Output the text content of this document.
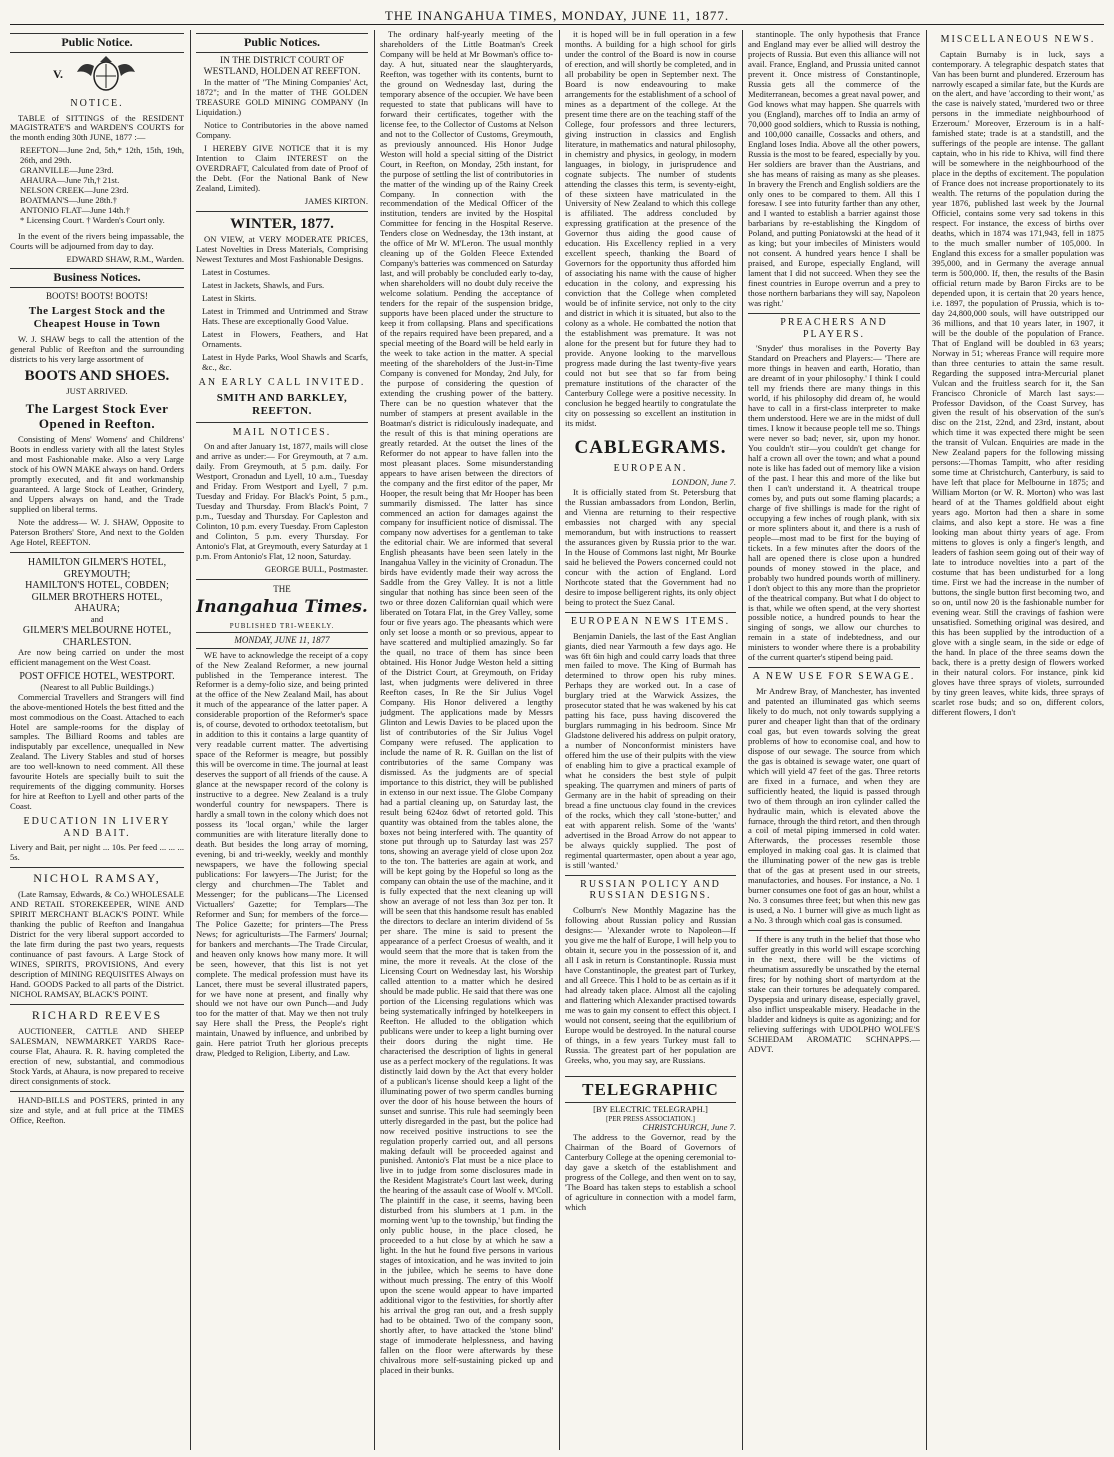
THE INANGAHUA TIMES, MONDAY, JUNE 11, 1877.
Public Notice.
V.
NOTICE.

TABLE of SITTINGS of the RESIDENT MAGISTRATE'S and WARDEN'S COURTS for the month ending 30th JUNE, 1877 :—

REEFTON—June 2nd, 5th,* 12th, 15th, 19th, 26th, and 29th.
GRANVILLE—June 23rd.
AHAURA—June 7th,† 21st.
NELSON CREEK—June 23rd.
BOATMAN'S—June 28th.†
ANTONIO FLAT—June 14th.†
* Licensing Court. † Warden's Court only.

In the event of the rivers being impassable, the Courts will be adjourned from day to day.

EDWARD SHAW, R.M., Warden.
Business Notices.
BOOTS! BOOTS! BOOTS!
The Largest Stock and the Cheapest House in Town

W. J. SHAW begs to call the attention of the general Public of Reefton and the surrounding districts to his very large assortment of

BOOTS AND SHOES.
JUST ARRIVED.
The Largest Stock Ever Opened in Reefton.

Consisting of Mens' Womens' and Childrens' Boots in endless variety with all the latest Styles and most Fashionable make. Also a very Large stock of his OWN MAKE always on hand. Orders promptly executed, and fit and workmanship guaranteed. A large Stock of Leather, Grindery, and Uppers always on hand, and the Trade supplied on liberal terms.

Note the address— W. J. SHAW, Opposite to Paterson Brothers' Store, And next to the Golden Age Hotel, REEFTON.

HAMILTON GILMER'S HOTEL, GREYMOUTH;
HAMILTON'S HOTEL, COBDEN;
GILMER BROTHERS HOTEL, AHAURA;
and
GILMER'S MELBOURNE HOTEL, CHARLESTON.

Are now being carried on under the most efficient management on the West Coast.

POST OFFICE HOTEL, WESTPORT.
(Nearest to all Public Buildings.)

Commercial Travellers and Strangers will find the above-mentioned Hotels the best fitted and the most commodious on the Coast. Attached to each Hotel are sample-rooms for the display of samples. The Billiard Rooms and tables are indisputably par excellence, unequalled in New Zealand. The Livery Stables and stud of horses are too well-known to need comment. All these favourite Hotels are specially built to suit the requirements of the digging community. Horses for hire at Reefton to Lyell and other parts of the Coast.

EDUCATION IN LIVERY AND BAIT.
Livery and Bait, per night ... 10s. Per feed ... ... ... 5s.
NICHOL RAMSAY,

(Late Ramsay, Edwards, & Co.) WHOLESALE AND RETAIL STOREKEEPER, WINE AND SPIRIT MERCHANT BLACK'S POINT. While thanking the public of Reefton and Inangahua District for the very liberal support accorded to the late firm during the past two years, requests continuance of past favours. A Large Stock of WINES, SPIRITS, PROVISIONS, And every description of MINING REQUISITES Always on Hand. GOODS Packed to all parts of the District. NICHOL RAMSAY, BLACK'S POINT.

RICHARD REEVES

AUCTIONEER, CATTLE AND SHEEP SALESMAN, NEWMARKET YARDS Race-course Flat, Ahaura. R. R. having completed the erection of new, substantial, and commodious Stock Yards, at Ahaura, is now prepared to receive direct consignments of stock.

HAND-BILLS and POSTERS, printed in any size and style, and at full price at the TIMES Office, Reefton.

Public Notices.
IN THE DISTRICT COURT OF WESTLAND, HOLDEN AT REEFTON.

In the matter of "The Mining Companies' Act, 1872"; and In the matter of THE GOLDEN TREASURE GOLD MINING COMPANY (In Liquidation.)

Notice to Contributories in the above named Company.

I HEREBY GIVE NOTICE that it is my Intention to Claim INTEREST on the OVERDRAFT, Calculated from date of Proof of the Debt. (For the National Bank of New Zealand, Limited).

JAMES KIRTON.
WINTER, 1877.

ON VIEW, at VERY MODERATE PRICES, Latest Novelties in Dress Materials, Comprising Newest Textures and Most Fashionable Designs.

Latest in Costumes.
Latest in Jackets, Shawls, and Furs.
Latest in Skirts.
Latest in Trimmed and Untrimmed and Straw Hats. These are exceptionally Good Value.
Latest in Flowers, Feathers, and Hat Ornaments.
Latest in Hyde Parks, Wool Shawls and Scarfs, &c., &c.
AN EARLY CALL INVITED.
SMITH AND BARKLEY, REEFTON.
MAIL NOTICES.

On and after January 1st, 1877, mails will close and arrive as under:— For Greymouth, at 7 a.m. daily. From Greymouth, at 5 p.m. daily. For Westport, Cronadun and Lyell, 10 a.m., Tuesday and Friday. From Westport and Lyell, 7 p.m. Tuesday and Friday. For Black's Point, 5 p.m., Tuesday and Thursday. From Black's Point, 7 p.m., Tuesday and Thursday. For Capleston and Colinton, 10 p.m. every Tuesday. From Capleston and Colinton, 5 p.m. every Thursday. For Antonio's Flat, at Greymouth, every Saturday at 1 p.m. From Antonio's Flat, 12 noon, Saturday.

GEORGE BULL, Postmaster.
THE
Inangahua Times.
PUBLISHED TRI-WEEKLY.
MONDAY, JUNE 11, 1877

WE have to acknowledge the receipt of a copy of the New Zealand Reformer, a new journal published in the Temperance interest. The Reformer is a demy-folio size, and being printed at the office of the New Zealand Mail, has about it much of the appearance of the latter paper. A considerable proportion of the Reformer's space is, of course, devoted to orthodox teetotalism, but in addition to this it contains a large quantity of very readable current matter. The advertising space of the Reformer is meagre, but possibly this will be overcome in time. The journal at least deserves the support of all friends of the cause. A glance at the newspaper record of the colony is instructive to a degree. New Zealand is a truly wonderful country for newspapers. There is hardly a small town in the colony which does not possess its 'local organ,' while the larger communities are with literature literally done to death. But besides the long array of morning, evening, bi and tri-weekly, weekly and monthly newspapers, we have the following special publications: For lawyers—The Jurist; for the clergy and churchmen—The Tablet and Messenger; for the publicans—The Licensed Victuallers' Gazette; for Templars—The Reformer and Sun; for members of the force—The Police Gazette; for printers—The Press News; for agriculturists—The Farmers' Journal; for bankers and merchants—The Trade Circular, and heaven only knows how many more. It will be seen, however, that this list is not yet complete. The medical profession must have its Lancet, there must be several illustrated papers, for we have none at present, and finally why should we not have our own Punch—and Judy too for the matter of that. May we then not truly say Here shall the Press, the People's right maintain, Unawed by influence, and unbribed by gain. Here patriot Truth her glorious precepts draw, Pledged to Religion, Liberty, and Law.

The ordinary half-yearly meeting of the shareholders of the Little Boatman's Creek Company will be held at Mr Bowman's office to-day. A hut, situated near the slaughteryards, Reefton, was together with its contents, burnt to the ground on Wednesday last, during the temporary absence of the occupier. We have been requested to state that publicans will have to forward their certificates, together with the license fee, to the Collector of Customs at Nelson and not to the Collector of Customs, Greymouth, as previously announced. His Honor Judge Weston will hold a special sitting of the District Court, in Reefton, on Monday, 25th instant, for the purpose of settling the list of contributories in the matter of the winding up of the Rainy Creek Company. In connection with the recommendation of the Medical Officer of the institution, tenders are invited by the Hospital Committee for fencing in the Hospital Reserve. Tenders close on Wednesday, the 13th instant, at the office of Mr W. M'Leron. The usual monthly cleaning up of the Golden Fleece Extended Company's batteries was commenced on Saturday last, and will probably be concluded early to-day, when shareholders will no doubt duly receive the welcome solatium. Pending the acceptance of tenders for the repair of the suspension bridge, supports have been placed under the structure to keep it from collapsing. Plans and specifications of the repairs required have been prepared, and a special meeting of the Board will be held early in the week to take action in the matter. A special meeting of the shareholders of the Just-in-Time Company is convened for Monday, 2nd July, for the purpose of considering the question of extending the crushing power of the battery. There can be no question whatever that the number of stampers at present available in the Boatman's district is ridiculously inadequate, and the result of this is that mining operations are greatly retarded. At the outset the lines of the Reformer do not appear to have fallen into the most pleasant places. Some misunderstanding appears to have arisen between the directors of the company and the first editor of the paper, Mr Hooper, the result being that Mr Hooper has been summarily dismissed. The latter has since commenced an action for damages against the company for insufficient notice of dismissal. The company now advertises for a gentleman to take the editorial chair. We are informed that several English pheasants have been seen lately in the Inangahua Valley in the vicinity of Cronadun. The birds have evidently made their way across the Saddle from the Grey Valley. It is not a little singular that nothing has since been seen of the two or three dozen Californian quail which were liberated on Totara Flat, in the Grey Valley, some four or five years ago. The pheasants which were only set loose a month or so previous, appear to have scattered and multiplied amazingly. So far the quail, no trace of them has since been obtained. His Honor Judge Weston held a sitting of the District Court, at Greymouth, on Friday last, when judgments were delivered in three Reefton cases, In Re the Sir Julius Vogel Company. His Honor delivered a lengthy judgment. The applications made by Messrs Glinton and Lewis Davies to be placed upon the list of contributories of the Sir Julius Vogel Company were refused. The application to include the name of R. R. Guillan on the list of contributories of the same Company was dismissed. As the judgments are of special importance to this district, they will be published in extenso in our next issue. The Globe Company had a partial cleaning up, on Saturday last, the result being 624oz 6dwt of retorted gold. This quantity was obtained from the tables alone, the boxes not being interfered with. The quantity of stone put through up to Saturday last was 257 tons, showing an average yield of close upon 2oz to the ton. The batteries are again at work, and will be kept going by the Hopeful so long as the company can obtain the use of the machine, and it is fully expected that the next cleaning up will show an average of not less than 3oz per ton. It will be seen that this handsome result has enabled the directors to declare an interim dividend of 5s per share. The mine is said to present the appearance of a perfect Croesus of wealth, and it would seem that the more that is taken from the mine, the more it reveals. At the close of the Licensing Court on Wednesday last, his Worship called attention to a matter which he desired should be made public. He said that there was one portion of the Licensing regulations which was being systematically infringed by hotelkeepers in Reefton. He alluded to the obligation which publicans were under to keep a light burning over their doors during the night time. He characterised the description of lights in general use as a perfect mockery of the regulations. It was distinctly laid down by the Act that every holder of a publican's license should keep a light of the illuminating power of two sperm candles burning over the door of his house between the hours of sunset and sunrise. This rule had seemingly been utterly disregarded in the past, but the police had now received positive instructions to see the regulation properly carried out, and all persons making default will be proceeded against and punished. Antonio's Flat must be a nice place to live in to judge from some disclosures made in the Resident Magistrate's Court last week, during the hearing of the assault case of Woolf v. M'Coll. The plaintiff in the case, it seems, having been disturbed from his slumbers at 1 p.m. in the morning went 'up to the township,' but finding the only public house, in the place closed, he proceeded to a hut close by at which he saw a light. In the hut he found five persons in various stages of intoxication, and he was invited to join in the jubilee, which he seems to have done without much pressing. The entry of this Woolf upon the scene would appear to have imparted additional vigor to the festivities, for shortly after his arrival the grog ran out, and a fresh supply had to be obtained. Two of the company soon, shortly after, to have attacked the 'stone blind' stage of immoderate helplessness, and having fallen on the floor were afterwards by these chivalrous more self-sustaining picked up and placed in their bunks.

it is hoped will be in full operation in a few months. A building for a high school for girls under the control of the Board is now in course of erection, and will shortly be completed, and in all probability be open in September next. The Board is now endeavouring to make arrangements for the establishment of a school of mines as a department of the college. At the present time there are on the teaching staff of the College, four professors and three lecturers, giving instruction in classics and English literature, in mathematics and natural philosophy, in chemistry and physics, in geology, in modern languages, in biology, in jurisprudence and cognate subjects. The number of students attending the classes this term, is seventy-eight, of these sixteen have matriculated in the University of New Zealand to which this college is affiliated. The address concluded by expressing gratification at the presence of the Governor thus aiding the good cause of education. His Excellency replied in a very excellent speech, thanking the Board of Governors for the opportunity thus afforded him of associating his name with the cause of higher education in the colony, and expressing his conviction that the College when completed would be of infinite service, not only to the city and district in which it is situated, but also to the colony as a whole. He combatted the notion that the establishment was premature. It was not alone for the present but for future they had to provide. Anyone looking to the marvellous progress made during the last twenty-five years could not but see that so far from being premature institutions of the character of the Canterbury College were a positive necessity. In conclusion he begged heartily to congratulate the city on possessing so excellent an institution in its midst.

CABLEGRAMS.
EUROPEAN.
LONDON, June 7.

It is officially stated from St. Petersburg that the Russian ambassadors from London, Berlin, and Vienna are returning to their respective embassies not charged with any special memorandum, but with instructions to reassert the assurances given by Russia prior to the war. In the House of Commons last night, Mr Bourke said he believed the Powers concerned could not concur with the action of England. Lord Northcote stated that the Government had no desire to impose belligerent rights, its only object being to protect the Suez Canal.

EUROPEAN NEWS ITEMS.

Benjamin Daniels, the last of the East Anglian giants, died near Yarmouth a few days ago. He was 6ft 6in high and could carry loads that three men failed to move. The King of Burmah has determined to throw open his ruby mines. Perhaps they are worked out. In a case of burglary tried at the Warwick Assizes, the prosecutor stated that he was wakened by his cat patting his face, puss having discovered the burglars rummaging in his bedroom. Since Mr Gladstone delivered his address on pulpit oratory, a number of Nonconformist ministers have offered him the use of their pulpits with the view of enabling him to give a practical example of what he considers the best style of pulpit speaking. The quarrymen and miners of parts of Germany are in the habit of spreading on their bread a fine unctuous clay found in the crevices of the rocks, which they call 'stone-butter,' and eat with apparent relish. Some of the 'wants' advertised in the Broad Arrow do not appear to be always quickly supplied. The post of regimental quartermaster, open about a year ago, is still 'wanted.'

RUSSIAN POLICY AND RUSSIAN DESIGNS.

Colburn's New Monthly Magazine has the following about Russian policy and Russian designs:— 'Alexander wrote to Napoleon—If you give me the half of Europe, I will help you to obtain it, secure you in the possession of it, and all I ask in return is Constantinople. Russia must have Constantinople, the greatest part of Turkey, and all Greece. This I hold to be as certain as if it had already taken place. Almost all the cajoling and flattering which Alexander practised towards me was to gain my consent to effect this object. I would not consent, seeing that the equilibrium of Europe would be destroyed. In the natural course of things, in a few years Turkey must fall to Russia. The greatest part of her population are Greeks, who, you may say, are Russians.

TELEGRAPHIC
[BY ELECTRIC TELEGRAPH.]
[PER PRESS ASSOCIATION.]
CHRISTCHURCH, June 7.

The address to the Governor, read by the Chairman of the Board of Governors of Canterbury College at the opening ceremonial to-day gave a sketch of the establishment and progress of the College, and then went on to say, 'The Board has taken steps to establish a school of agriculture in connection with a model farm, which

stantinople. The only hypothesis that France and England may ever be allied will destroy the projects of Russia. But even this alliance will not avail. France, England, and Prussia united cannot prevent it. Once mistress of Constantinople, Russia gets all the commerce of the Mediterranean, becomes a great naval power, and God knows what may happen. She quarrels with you (England), marches off to India an army of 70,000 good soldiers, which to Russia is nothing, and 100,000 canaille, Cossacks and others, and England loses India. Above all the other powers, Russia is the most to be feared, especially by you. Her soldiers are braver than the Austrians, and she has means of raising as many as she pleases. In bravery the French and English soldiers are the only ones to be compared to them. All this I foresaw. I see into futurity farther than any other, and I wanted to establish a barrier against those barbarians by re-establishing the Kingdom of Poland, and putting Poniatowski at the head of it as king; but your imbeciles of Ministers would not consent. A hundred years hence I shall be praised, and Europe, especially England, will lament that I did not succeed. When they see the finest countries in Europe overrun and a prey to those northern barbarians they will say, Napoleon was right.'

PREACHERS AND PLAYERS.

'Snyder' thus moralises in the Poverty Bay Standard on Preachers and Players:— 'There are more things in heaven and earth, Horatio, than are dreamt of in your philosophy.' I think I could tell my friends there are many things in this world, if his philosophy did dream of, he would have to call in a first-class interpreter to make them understood. Here we are in the midst of dull times. I know it because people tell me so. Things were never so bad; never, sir, upon my honor. You couldn't stir—you couldn't get change for half a crown all over the town; and what a pound note is like has faded out of memory like a vision of the past. I hear this and more of the like but then I can't understand it. A theatrical troupe comes by, and puts out some flaming placards; a charge of five shillings is made for the right of occupying a few inches of rough plank, with six or more splinters about it, and there is a rush of people—most mad to be first for the buying of tickets. In a few minutes after the doors of the hall are opened there is close upon a hundred pounds of money stowed in the place, and probably two hundred pounds worth of millinery. I don't object to this any more than the proprietor of the theatrical company. But what I do object to is that, while we often spend, at the very shortest possible notice, a hundred pounds to hear the singing of songs, we allow our churches to remain in a state of indebtedness, and our ministers to wonder where there is a probability of the current quarter's stipend being paid.

A NEW USE FOR SEWAGE.

Mr Andrew Bray, of Manchester, has invented and patented an illuminated gas which seems likely to do much, not only towards supplying a purer and cheaper light than that of the ordinary coal gas, but even towards solving the great problems of how to economise coal, and how to dispose of our sewage. The source from which the gas is obtained is sewage water, one quart of which will yield 47 feet of the gas. Three retorts are fixed in a furnace, and when they are sufficiently heated, the liquid is passed through two of them through an iron cylinder called the hydraulic main, which is elevated above the furnace, through the third retort, and then through a coil of metal piping immersed in cold water. Afterwards, the processes resemble those employed in making coal gas. It is claimed that the illuminating power of the new gas is treble that of the gas at present used in our streets, manufactories, and houses. For instance, a No. 1 burner consumes one foot of gas an hour, whilst a No. 3 consumes three feet; but when this new gas is used, a No. 1 burner will give as much light as a No. 3 through which coal gas is consumed.

If there is any truth in the belief that those who suffer greatly in this world will escape scorching in the next, there will be the victims of rheumatism assuredly be unscathed by the eternal fires; for by nothing short of martyrdom at the stake can their tortures be adequately compared. Dyspepsia and urinary disease, especially gravel, also inflict unspeakable misery. Headache in the bladder and kidneys is quite as agonizing; and for relieving sufferings with UDOLPHO WOLFE'S SCHIEDAM AROMATIC SCHNAPPS.—ADVT.

MISCELLANEOUS NEWS.

Captain Burnaby is in luck, says a contemporary. A telegraphic despatch states that Van has been burnt and plundered. Erzeroum has narrowly escaped a similar fate, but the Kurds are on the alert, and have 'according to their wont,' as the case is naively stated, 'murdered two or three persons in the immediate neighbourhood of Erzeroum.' Moreover, Erzeroum is in a half-famished state; trade is at a standstill, and the sufferings of the people are intense. The gallant captain, who in his ride to Khiva, will find there will be somewhere in the neighbourhood of the place in the depths of excitement. The population of France does not increase proportionately to its wealth. The returns of the population during the year 1876, published last week by the Journal Officiel, contains some very sad tokens in this respect. For instance, the excess of births over deaths, which in 1874 was 171,943, fell in 1875 to the much smaller number of 105,000. In England this excess for a smaller population was 395,000, and in Germany the average annual term is 500,000. If, then, the results of the Basin official return made by Baron Fircks are to be depended upon, it is certain that 20 years hence, i.e. 1897, the population of Prussia, which is to-day 24,800,000 souls, will have outstripped our 36 millions, and that 10 years later, in 1907, it will be the double of the population of France. That of England will be doubled in 63 years; Norway in 51; whereas France will require more than three centuries to attain the same result. Regarding the supposed intra-Mercurial planet Vulcan and the fruitless search for it, the San Francisco Chronicle of March last says:—Professor Davidson, of the Coast Survey, has given the result of his observation of the sun's disc on the 21st, 22nd, and 23rd, instant, about which time it was expected there might be seen the transit of Vulcan. Enquiries are made in the New Zealand papers for the following missing persons:—Thomas Tampitt, who after residing some time at Christchurch, Canterbury, is said to have left that place for Melbourne in 1875; and William Morton (or W. R. Morton) who was last heard of at the Thames goldfield about eight years ago. Morton had then a share in some claims, and also kept a store. He was a fine looking man about thirty years of age. From mittens to gloves is only a finger's length, and leaders of fashion seem going out of their way of late to introduce novelties into a part of the costume that has been undisturbed for a long time. First we had the increase in the number of buttons, the single button first becoming two, and so on, until now 20 is the fashionable number for evening wear. Still the cravings of fashion were unsatisfied. Something original was desired, and this has been supplied by the introduction of a glove with a single seam, in the side or edge of the hand. In place of the three seams down the back, there is a pretty design of flowers worked in their natural colors. For instance, pink kid gloves have three sprays of violets, surrounded by tiny green leaves, white kids, three sprays of scarlet rose buds; and so on, different colors, different flowers, I don't
